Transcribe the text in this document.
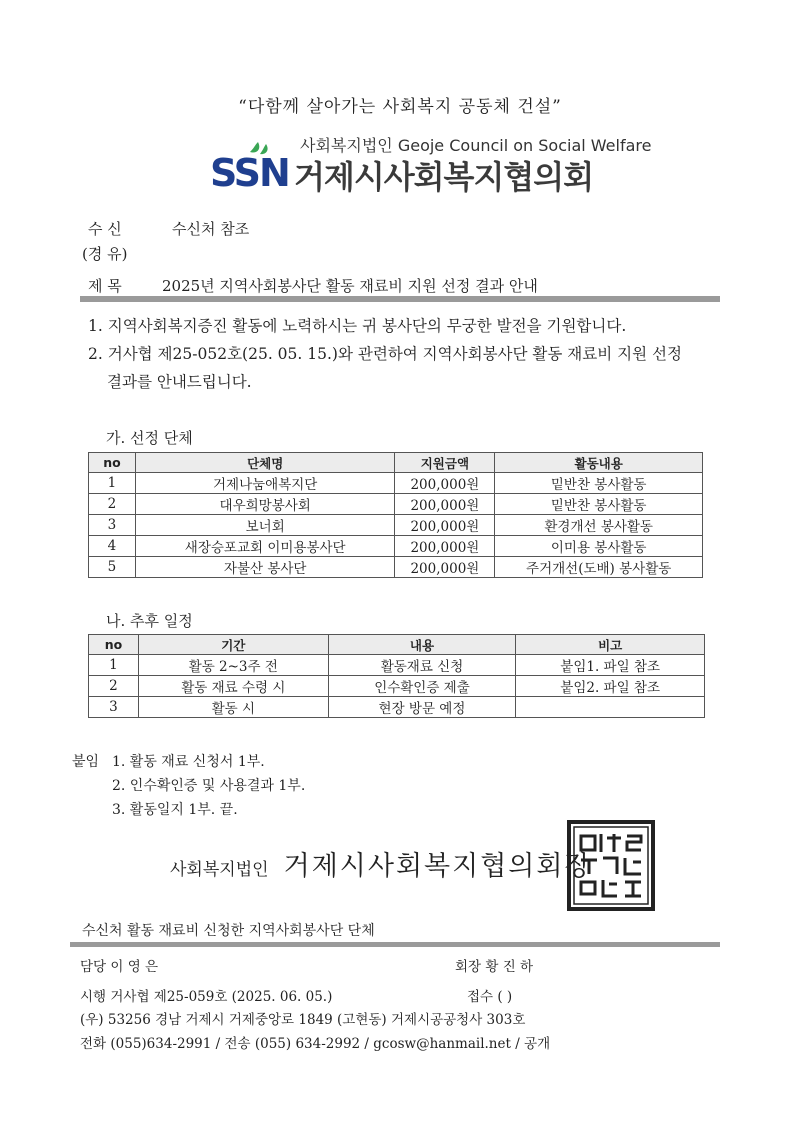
“다함께 살아가는 사회복지 공동체 건설”
SSN
사회복지법인 Geoje Council on Social Welfare
거제시사회복지협의회
수 신	수신처 참조
(경 유)
제 목	2025년 지역사회봉사단 활동 재료비 지원 선정 결과 안내
1. 지역사회복지증진 활동에 노력하시는 귀 봉사단의 무궁한 발전을 기원합니다.
2. 거사협 제25-052호(25. 05. 15.)와 관련하여 지역사회봉사단 활동 재료비 지원 선정
결과를 안내드립니다.
가. 선정 단체
no	단체명	지원금액	활동내용
1	거제나눔애복지단	200,000원	밑반찬 봉사활동
2	대우희망봉사회	200,000원	밑반찬 봉사활동
3	보너회	200,000원	환경개선 봉사활동
4	새장승포교회 이미용봉사단	200,000원	이미용 봉사활동
5	자불산 봉사단	200,000원	주거개선(도배) 봉사활동
나. 추후 일정
no	기간	내용	비고
1	활동 2~3주 전	활동재료 신청	붙임1. 파일 참조
2	활동 재료 수령 시	인수확인증 제출	붙임2. 파일 참조
3	활동 시	현장 방문 예정	
붙임 1. 활동 재료 신청서 1부.
2. 인수확인증 및 사용결과 1부.
3. 활동일지 1부. 끝.
사회복지법인 거제시사회복지협의회장
수신처 활동 재료비 신청한 지역사회봉사단 단체
담당 이 영 은	회장 황 진 하
시행 거사협 제25-059호 (2025. 06. 05.)	접수 ( )
(우) 53256 경남 거제시 거제중앙로 1849 (고현동) 거제시공공청사 303호
전화 (055)634-2991 / 전송 (055) 634-2992 / gcosw@hanmail.net / 공개
